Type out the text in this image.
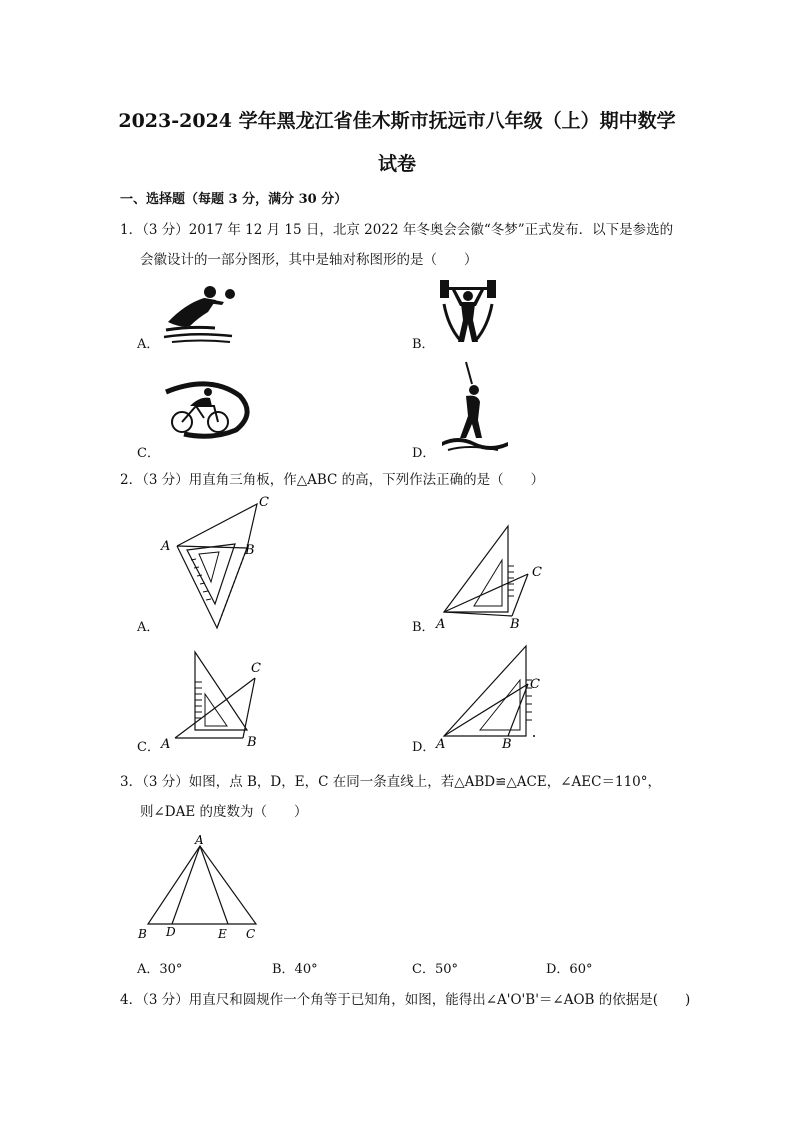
2023-2024 学年黑龙江省佳木斯市抚远市八年级（上）期中数学
试卷
一、选择题（每题 3 分，满分 30 分）
1．（3 分）2017 年 12 月 15 日，北京 2022 年冬奥会会徽“冬梦”正式发布．以下是参选的
会徽设计的一部分图形，其中是轴对称图形的是（　　）
A．	B．
C．	D．
2．（3 分）用直角三角板，作△ABC 的高，下列作法正确的是（　　）
A．	B．
C．	D．
A	B
C
A	B
C
A	B
C
A	B
C
3．（3 分）如图，点 B，D，E，C 在同一条直线上，若△ABD≌△ACE，∠AEC＝110°，
则∠DAE 的度数为（　　）
A
B D	E C
A．30°	B．40°	C．50°	D．60°
4．（3 分）用直尺和圆规作一个角等于已知角，如图，能得出∠A'O'B'＝∠AOB 的依据是(　　)
